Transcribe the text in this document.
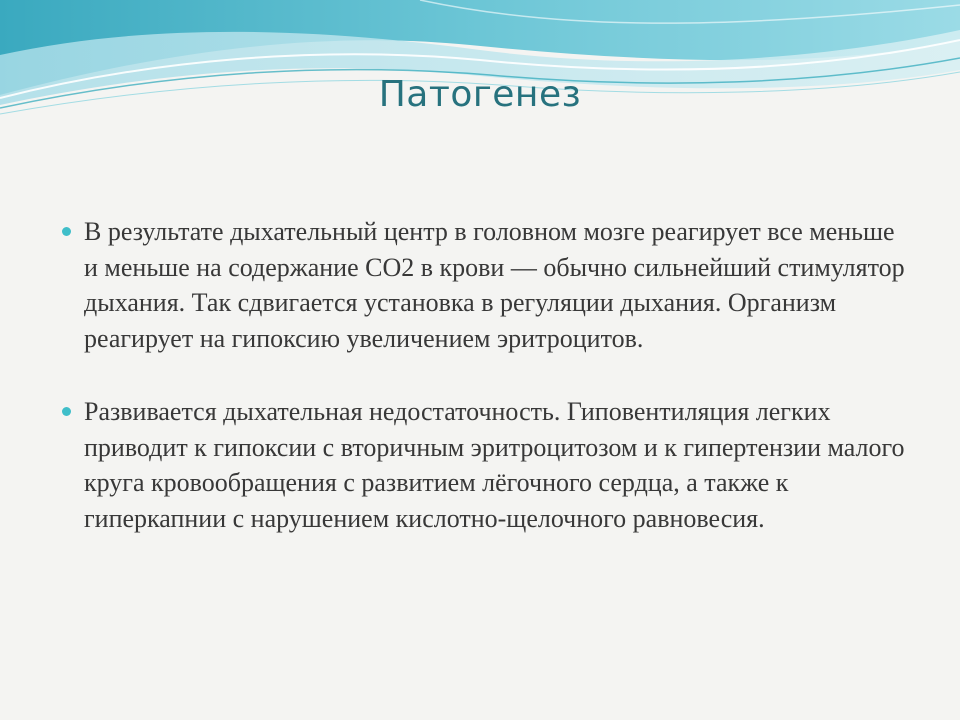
Патогенез
В результате дыхательный центр в головном мозге реагирует все меньше и меньше на содержание СО2 в крови — обычно сильнейший стимулятор дыхания. Так сдвигается установка в регуляции дыхания. Организм реагирует на гипоксию увеличением эритроцитов.
Развивается дыхательная недостаточность. Гиповентиляция легких приводит к гипоксии с вторичным эритроцитозом и к гипертензии малого круга кровообращения с развитием лёгочного сердца, а также к гиперкапнии с нарушением кислотно-щелочного равновесия.
